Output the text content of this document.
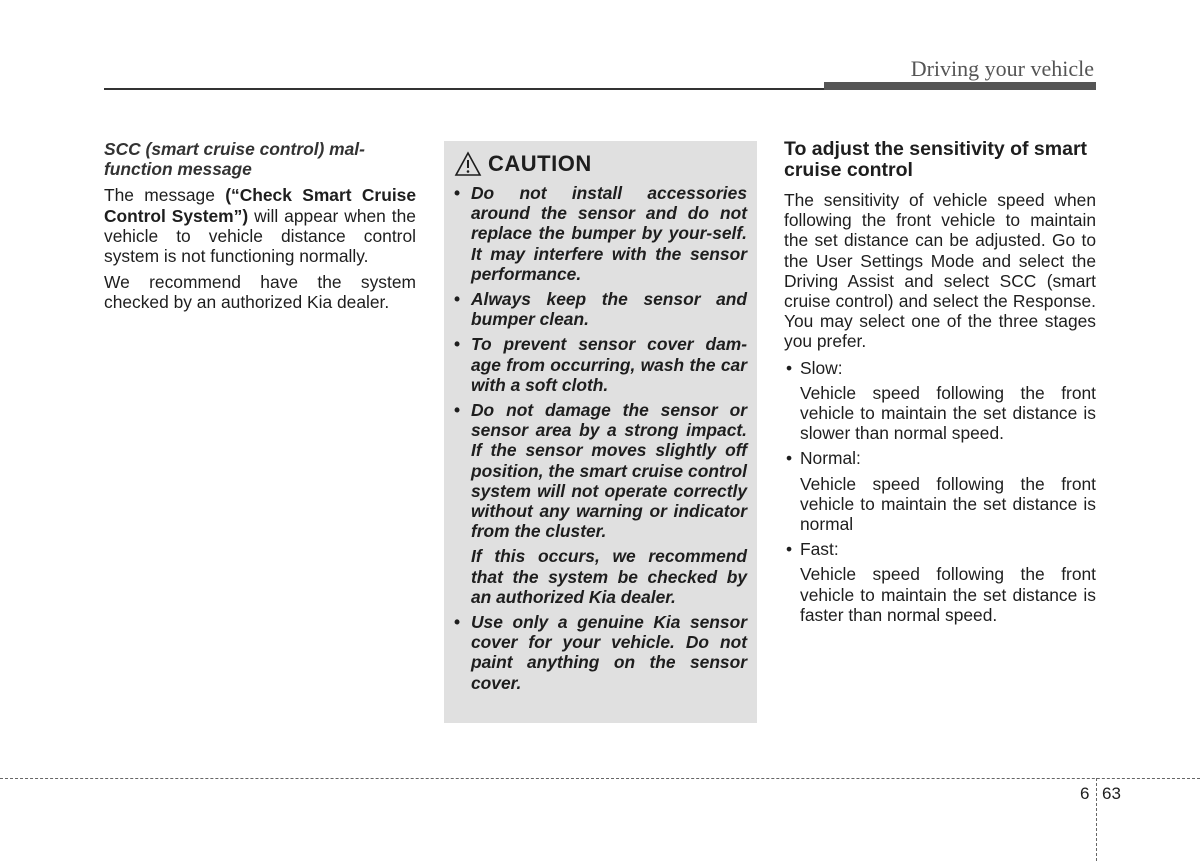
Driving your vehicle
SCC (smart cruise control) mal-
function message

The message (“Check Smart Cruise Control System”) will appear when the vehicle to vehicle distance control system is not functioning normally.

We recommend have the system checked by an authorized Kia dealer.

CAUTION
• Do not install accessories around the sensor and do not replace the bumper by your-self. It may interfere with the sensor performance.
• Always keep the sensor and bumper clean.
• To prevent sensor cover dam-age from occurring, wash the car with a soft cloth.
• Do not damage the sensor or sensor area by a strong impact. If the sensor moves slightly off position, the smart cruise control system will not operate correctly without any warning or indicator from the cluster.
If this occurs, we recommend that the system be checked by an authorized Kia dealer.
• Use only a genuine Kia sensor cover for your vehicle. Do not paint anything on the sensor cover.
To adjust the sensitivity of smart cruise control

The sensitivity of vehicle speed when following the front vehicle to maintain the set distance can be adjusted. Go to the User Settings Mode and select the Driving Assist and select SCC (smart cruise control) and select the Response. You may select one of the three stages you prefer.

• Slow:
Vehicle speed following the front vehicle to maintain the set distance is slower than normal speed.
• Normal:
Vehicle speed following the front vehicle to maintain the set distance is normal
• Fast:
Vehicle speed following the front vehicle to maintain the set distance is faster than normal speed.
6 63
